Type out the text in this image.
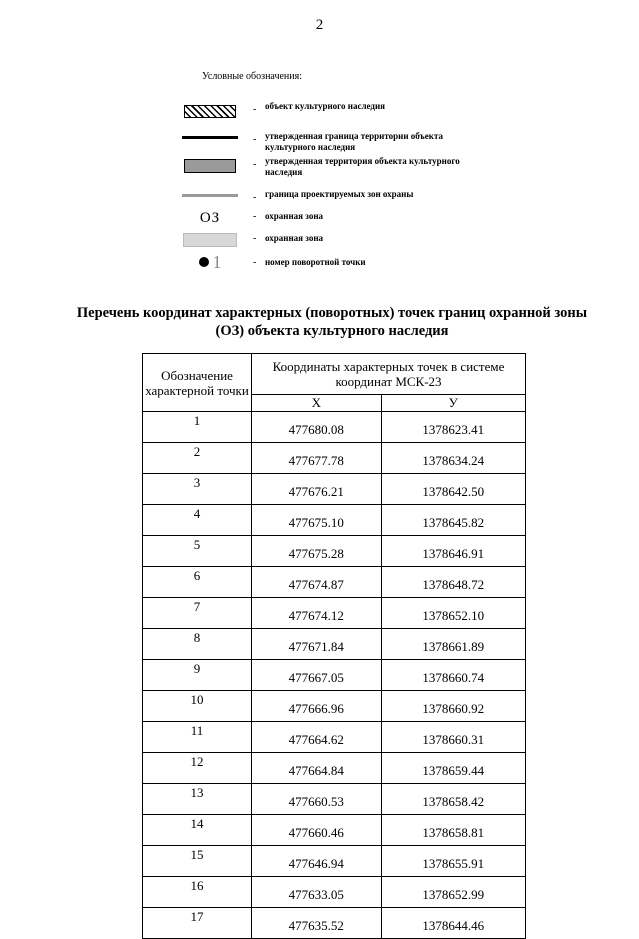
2
Условные обозначения:
- объект культурного наследия
- утвержденная граница территории объекта культурного наследия
- утвержденная территория объекта культурного наследия
- граница проектируемых зон охраны
ОЗ	- охранная зона
- охранная зона
1	- номер поворотной точки
Перечень координат характерных (поворотных) точек границ охранной зоны (ОЗ) объекта культурного наследия
Обозначение характерной точки	Координаты характерных точек в системе координат МСК-23	
	Х	У
1	477680.08	1378623.41
2	477677.78	1378634.24
3	477676.21	1378642.50
4	477675.10	1378645.82
5	477675.28	1378646.91
6	477674.87	1378648.72
7	477674.12	1378652.10
8	477671.84	1378661.89
9	477667.05	1378660.74
10	477666.96	1378660.92
11	477664.62	1378660.31
12	477664.84	1378659.44
13	477660.53	1378658.42
14	477660.46	1378658.81
15	477646.94	1378655.91
16	477633.05	1378652.99
17	477635.52	1378644.46
